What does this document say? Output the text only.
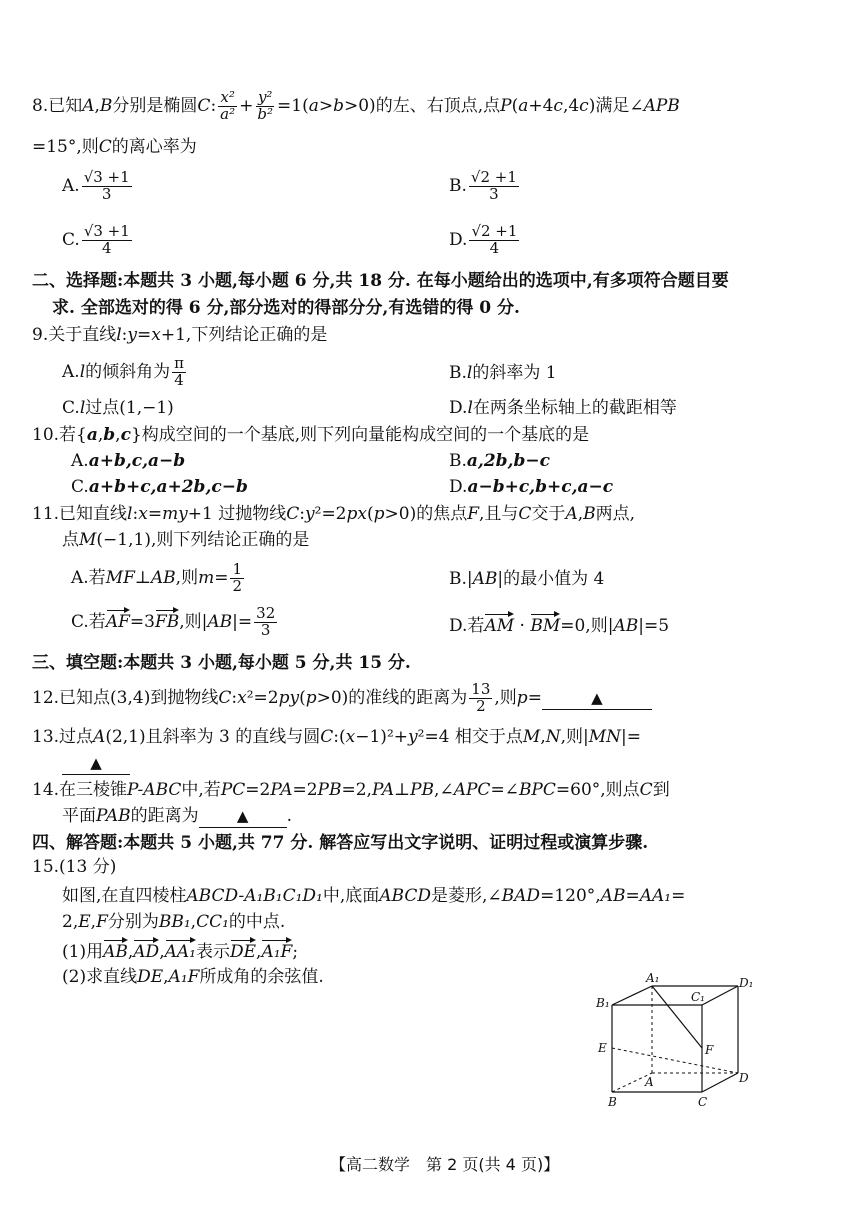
8.已知A,B分别是椭圆C: $\frac{\text{x²}}{\text{a²}} + \frac{\text{y²}}{\text{b²}} =1(a>b>0)$的左、右顶点,点P(a+4c,4c)满足∠APB
=15°,则C的离心率为
A. $\frac{√3 +1}{3}$	B. $\frac{√2 +1}{3}$
C. $\frac{√3 +1}{4}$	D. $\frac{√2 +1}{4}$
二、选择题:本题共 3 小题,每小题 6 分,共 18 分. 在每小题给出的选项中,有多项符合题目要
求. 全部选对的得 6 分,部分选对的得部分分,有选错的得 0 分.
9.关于直线l:y=x+1,下列结论正确的是
A.l的倾斜角为 $\frac{\pi}{4}$	B.l的斜率为 1
C.l过点(1,−1)	D.l在两条坐标轴上的截距相等
10.若{a,b,c}构成空间的一个基底,则下列向量能构成空间的一个基底的是
A.a+b,c,a−b	B.a,2b,b−c
C.a+b+c,a+2b,c−b	D.a−b+c,b+c,a−c
11.已知直线l:x=my+1 过抛物线C:y²=2px(p>0)的焦点F,且与C交于A,B两点,
点M(−1,1),则下列结论正确的是
A.若MF⊥AB,则$m= \frac{1}{2}$	B.|AB|的最小值为 4
C.若AF=3FB,则$|AB|= \frac{32}{3}$	D.若AM · BM=0,则|AB|=5
三、填空题:本题共 3 小题,每小题 5 分,共 15 分.
12.已知点(3,4)到抛物线C:x²=2py(p>0)的准线的距离为 $\frac{13}{2}$ ,则p=	▲
13.过点A(2,1)且斜率为 3 的直线与圆C:(x−1)²+y²=4 相交于点M,N,则|MN|=
▲
14.在三棱锥P-ABC中,若PC=2PA=2PB=2,PA⊥PB,∠APC=∠BPC=60°,则点C到
平面PAB的距离为	▲ .
四、解答题:本题共 5 小题,共 77 分. 解答应写出文字说明、证明过程或演算步骤.
15.(13 分)
如图,在直四棱柱ABCD-A₁B₁C₁D₁中,底面ABCD是菱形,∠BAD=120°,AB=AA₁=
2,E,F分别为BB₁,CC₁的中点.
(1)用AB,AD,AA₁表示DE,A₁F;
(2)求直线DE,A₁F所成角的余弦值.	A₁
B₁	C₁
D₁
E	F
A
B	C
D
【高二数学　第 2 页(共 4 页)】
